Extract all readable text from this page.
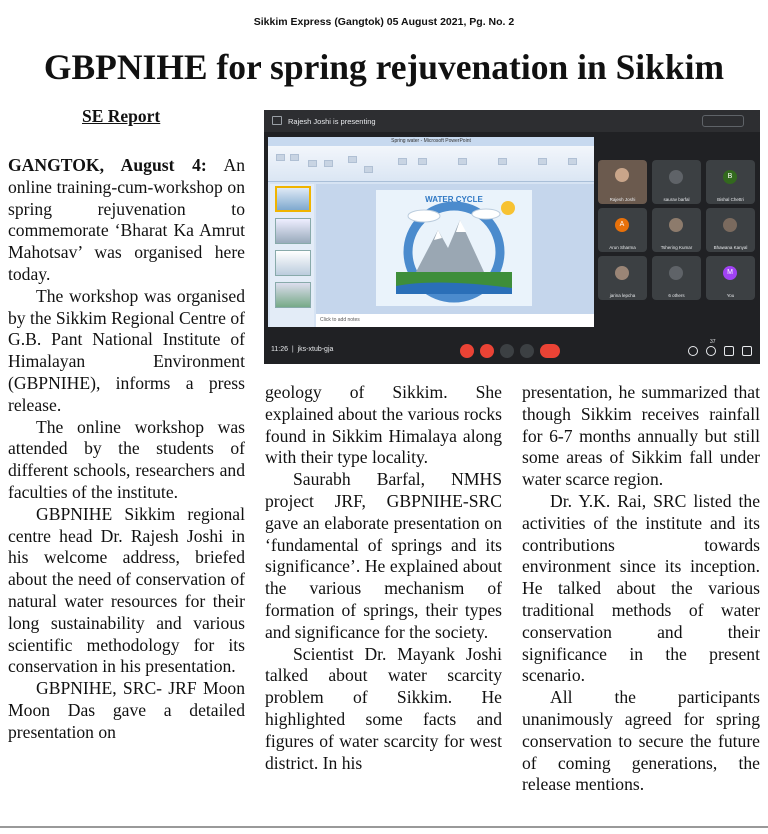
Sikkim Express (Gangtok) 05 August 2021, Pg. No. 2
GBPNIHE for spring rejuvenation in Sikkim
SE Report

GANGTOK, August 4: An online training-cum-workshop on spring rejuvenation to commemorate ‘Bharat Ka Amrut Mahotsav’ was organised here today.

The workshop was organised by the Sikkim Regional Centre of G.B. Pant National Institute of Himalayan Environment (GBPNIHE), informs a press release.

The online workshop was attended by the students of different schools, researchers and faculties of the institute.

GBPNIHE Sikkim regional centre head Dr. Rajesh Joshi in his welcome address, briefed about the need of conservation of natural water resources for their long sustainability and various scientific methodology for its conservation in his presentation.

GBPNIHE, SRC- JRF Moon Moon Das gave a detailed presentation on

geology of Sikkim. She explained about the various rocks found in Sikkim Himalaya along with their type locality.

Saurabh Barfal, NMHS project JRF, GBPNIHE-SRC gave an elaborate presentation on ‘fundamental of springs and its significance’. He explained about the various mechanism of formation of springs, their types and significance for the society.

Scientist Dr. Mayank Joshi talked about water scarcity problem of Sikkim. He highlighted some facts and figures of water scarcity for west district. In his

presentation, he summarized that though Sikkim receives rainfall for 6-7 months annually but still some areas of Sikkim fall under water scarce region.

Dr. Y.K. Rai, SRC listed the activities of the institute and its contributions towards environment since its inception. He talked about the various traditional methods of water conservation and their significance in the present scenario.

All the participants unanimously agreed for spring conservation to secure the future of coming generations, the release mentions.

Rajesh Joshi is presenting
Spring water - Microsoft PowerPoint
WATER CYCLE
Click to add notes
Rajesh Joshi	saurav barfal
B
Bishal Chettri
A
Arun Sharma	Tshering Kumar	Bhawana Kanyal
jarina lepcha	6 others
M
You
11:26  |  jks-xtub-gja
37
